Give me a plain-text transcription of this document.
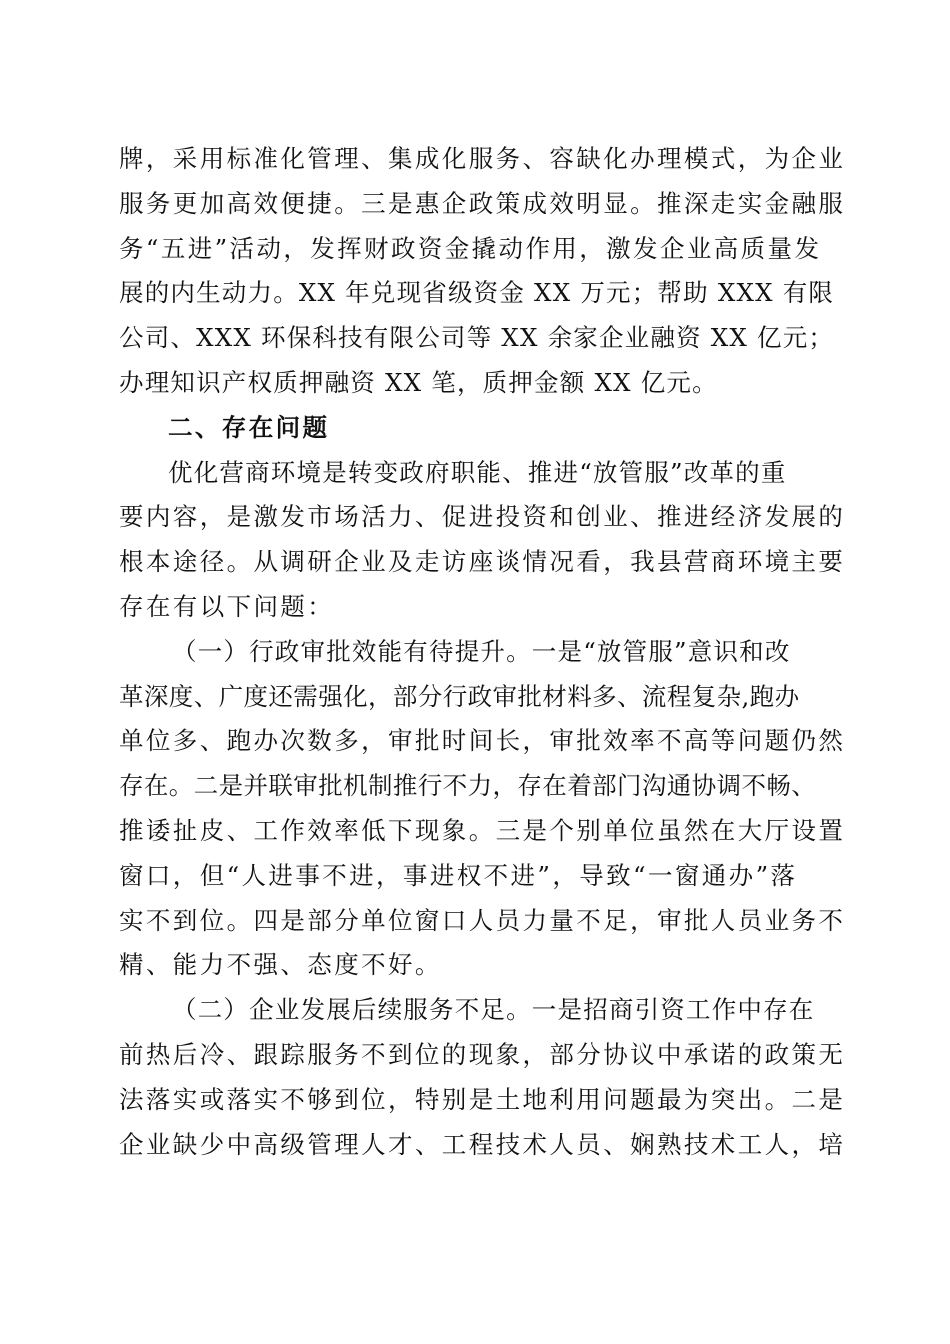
牌，采用标准化管理、集成化服务、容缺化办理模式，为企业
服务更加高效便捷。三是惠企政策成效明显。推深走实金融服
务“五进”活动，发挥财政资金撬动作用，激发企业高质量发
展的内生动力。XX 年兑现省级资金 XX 万元；帮助 XXX 有限
公司、XXX 环保科技有限公司等 XX 余家企业融资 XX 亿元；
办理知识产权质押融资 XX 笔，质押金额 XX 亿元。
二、存在问题
优化营商环境是转变政府职能、推进“放管服”改革的重
要内容，是激发市场活力、促进投资和创业、推进经济发展的
根本途径。从调研企业及走访座谈情况看，我县营商环境主要
存在有以下问题：
（一）行政审批效能有待提升。一是“放管服”意识和改
革深度、广度还需强化，部分行政审批材料多、流程复杂,跑办
单位多、跑办次数多，审批时间长，审批效率不高等问题仍然
存在。二是并联审批机制推行不力，存在着部门沟通协调不畅、
推诿扯皮、工作效率低下现象。三是个别单位虽然在大厅设置
窗口，但“人进事不进，事进权不进”，导致“一窗通办”落
实不到位。四是部分单位窗口人员力量不足，审批人员业务不
精、能力不强、态度不好。
（二）企业发展后续服务不足。一是招商引资工作中存在
前热后冷、跟踪服务不到位的现象，部分协议中承诺的政策无
法落实或落实不够到位，特别是土地利用问题最为突出。二是
企业缺少中高级管理人才、工程技术人员、娴熟技术工人，培
